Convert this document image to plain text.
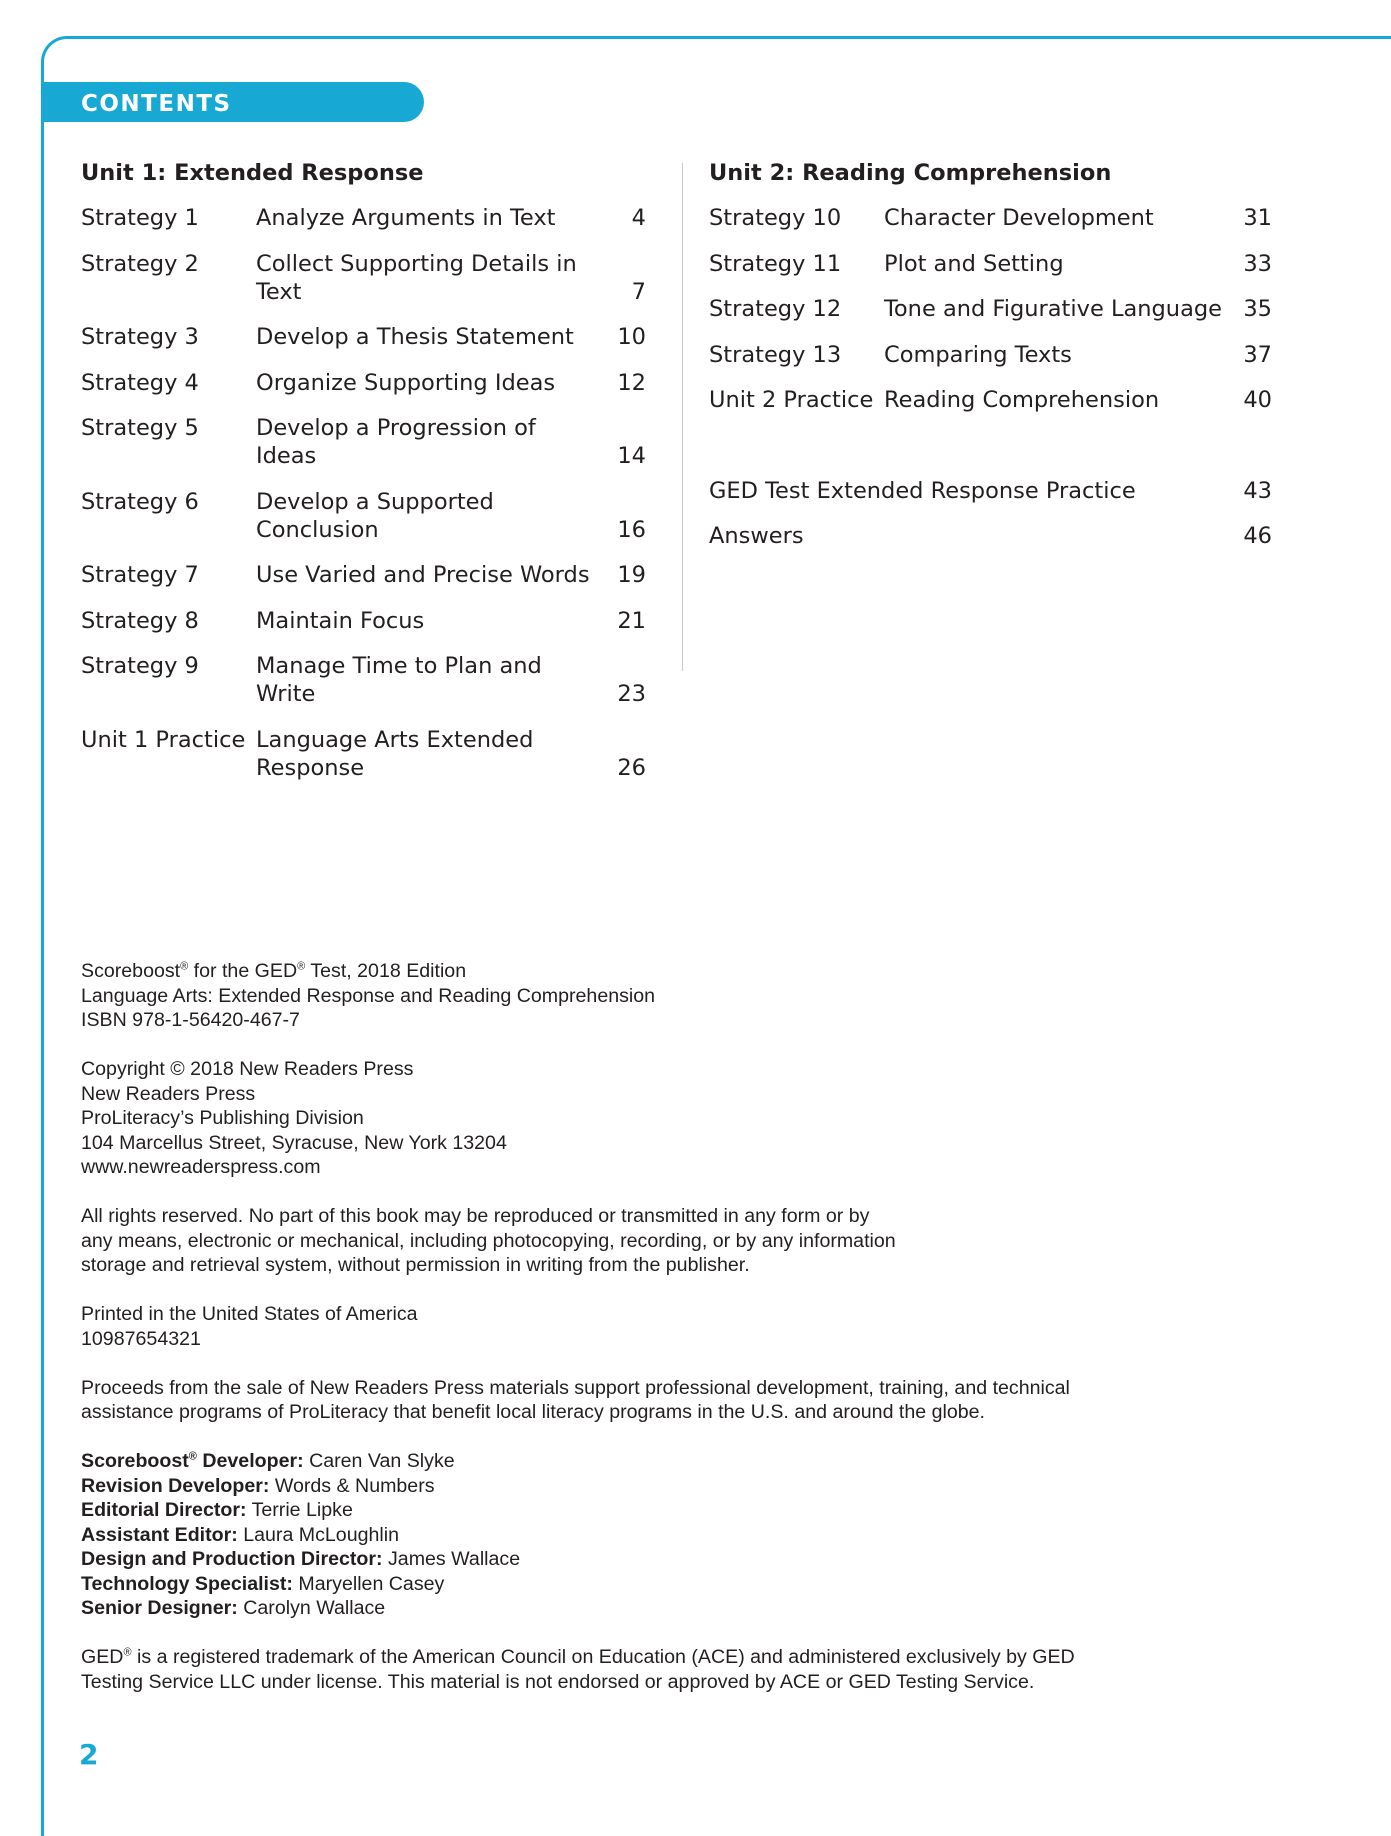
CONTENTS
Unit 1: Extended Response
Strategy 1	Analyze Arguments in Text	4
Strategy 2	Collect Supporting Details in Text	7
Strategy 3	Develop a Thesis Statement	10
Strategy 4	Organize Supporting Ideas	12
Strategy 5	Develop a Progression of Ideas	14
Strategy 6	Develop a Supported Conclusion	16
Strategy 7	Use Varied and Precise Words	19
Strategy 8	Maintain Focus	21
Strategy 9	Manage Time to Plan and Write	23
Unit 1 Practice Language Arts Extended Response	26
Unit 2: Reading Comprehension
Strategy 10 Character Development	31
Strategy 11 Plot and Setting	33
Strategy 12 Tone and Figurative Language 35
Strategy 13 Comparing Texts	37
Unit 2 Practice Reading Comprehension	40
GED Test Extended Response Practice	43
Answers	46
Scoreboost® for the GED® Test, 2018 Edition
Language Arts: Extended Response and Reading Comprehension
ISBN 978-1-56420-467-7
Copyright © 2018 New Readers Press
New Readers Press
ProLiteracy’s Publishing Division
104 Marcellus Street, Syracuse, New York 13204
www.newreaderspress.com
All rights reserved. No part of this book may be reproduced or transmitted in any form or by
any means, electronic or mechanical, including photocopying, recording, or by any information
storage and retrieval system, without permission in writing from the publisher.
Printed in the United States of America
10987654321
Proceeds from the sale of New Readers Press materials support professional development, training, and technical
assistance programs of ProLiteracy that benefit local literacy programs in the U.S. and around the globe.
Scoreboost® Developer: Caren Van Slyke
Revision Developer: Words & Numbers
Editorial Director: Terrie Lipke
Assistant Editor: Laura McLoughlin
Design and Production Director: James Wallace
Technology Specialist: Maryellen Casey
Senior Designer: Carolyn Wallace
GED® is a registered trademark of the American Council on Education (ACE) and administered exclusively by GED
Testing Service LLC under license. This material is not endorsed or approved by ACE or GED Testing Service.
2
